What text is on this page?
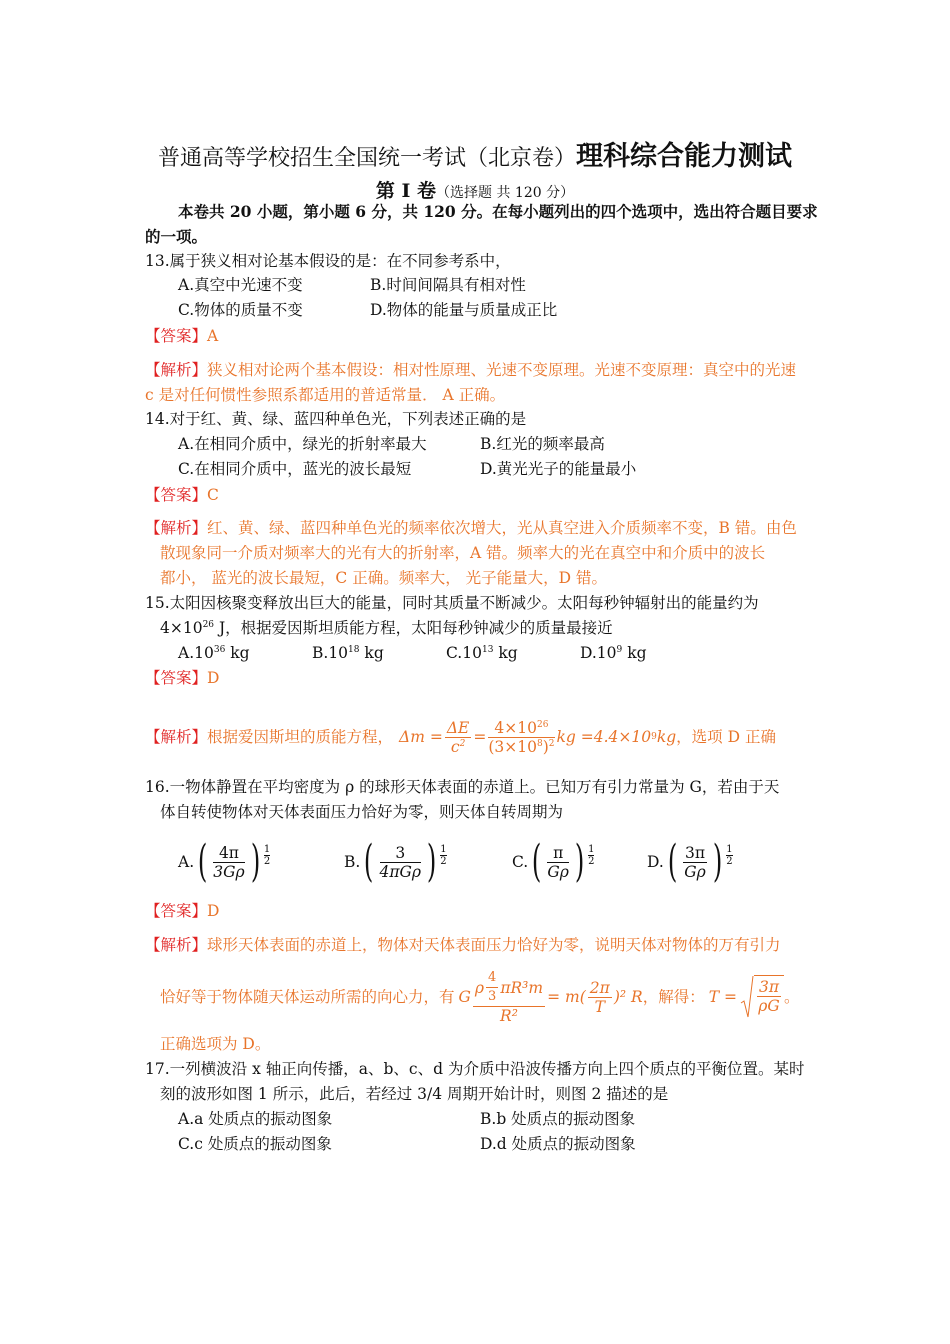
普通高等学校招生全国统一考试（北京卷）理科综合能力测试
第 I 卷（选择题 共 120 分）
本卷共 20 小题，第小题 6 分，共 120 分。在每小题列出的四个选项中，选出符合题目要求
的一项。
13.属于狭义相对论基本假设的是：在不同参考系中，
A.真空中光速不变	B.时间间隔具有相对性
C.物体的质量不变	D.物体的能量与质量成正比
【答案】A
【解析】狭义相对论两个基本假设：相对性原理、光速不变原理。光速不变原理：真空中的光速
c 是对任何惯性参照系都适用的普适常量． A 正确。
14.对于红、黄、绿、蓝四种单色光，下列表述正确的是
A.在相同介质中，绿光的折射率最大	B.红光的频率最高
C.在相同介质中，蓝光的波长最短	D.黄光光子的能量最小
【答案】C
【解析】红、黄、绿、蓝四种单色光的频率依次增大，光从真空进入介质频率不变，B 错。由色
散现象同一介质对频率大的光有大的折射率，A 错。频率大的光在真空中和介质中的波长
都小， 蓝光的波长最短，C 正确。频率大， 光子能量大，D 错。
15.太阳因核聚变释放出巨大的能量，同时其质量不断减少。太阳每秒钟辐射出的能量约为
$4\times 10^{26}$ J，根据爱因斯坦质能方程，太阳每秒钟减少的质量最接近
$A.10^{36}$ kg	$B.10^{18}$ kg	$C.10^{13}$ kg	$D.10^9$ kg
【答案】D
【解析】 根据爱因斯坦的质能方程， $\Delta m = \frac{\Delta E}{c^2} = \frac{4\times 10^{26}}{(3\times 10^8)^2}$ kg =4.4×10 9 kg ，选项 D 正确
16.一物体静置在平均密度为 ρ 的球形天体表面的赤道上。已知万有引力常量为 G，若由于天
体自转使物体对天体表面压力恰好为零，则天体自转周期为
A. ( $\frac{4\pi}{3G\rho}$ ) $\frac{1}{2}$	B. ( $\frac{3}{\text{4πGρ}}$ ) $\frac{1}{2}$	C. ( $\frac{\pi}{G\rho}$ ) $\frac{1}{2}$	D. ( $\frac{3\pi}{G\rho}$ ) $\frac{1}{2}$
【答案】D
【解析】球形天体表面的赤道上，物体对天体表面压力恰好为零，说明天体对物体的万有引力
恰好等于物体随天体运动所需的向心力，有 G $\frac{\rho \frac{4}{3} \pi R^3m}{\text{R²}} = m( \frac{2\pi}{T} )^2$ R ，解得： $T = \frac{3\pi}{\rho G}$ 。
正确选项为 D。
17.一列横波沿 x 轴正向传播，a、b、c、d 为介质中沿波传播方向上四个质点的平衡位置。某时
刻的波形如图 1 所示，此后，若经过 3/4 周期开始计时，则图 2 描述的是
A.a 处质点的振动图象	B.b 处质点的振动图象
C.c 处质点的振动图象	D.d 处质点的振动图象
